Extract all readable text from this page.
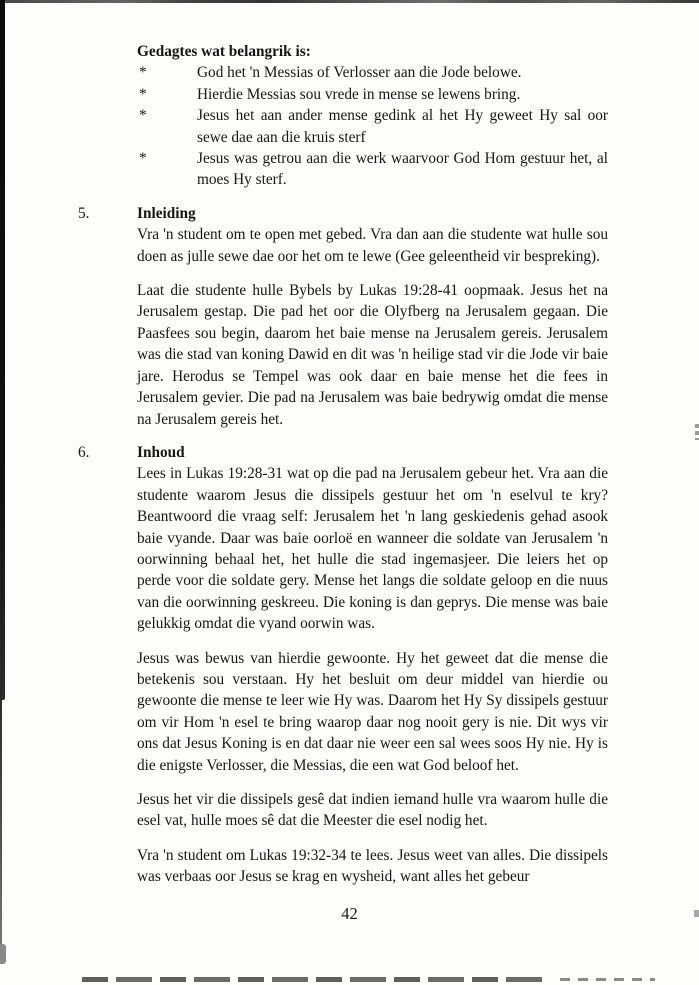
Gedagtes wat belangrik is:
*	God het 'n Messias of Verlosser aan die Jode belowe.
*	Hierdie Messias sou vrede in mense se lewens bring.
*	Jesus het aan ander mense gedink al het Hy geweet Hy sal oor sewe dae aan die kruis sterf
*	Jesus was getrou aan die werk waarvoor God Hom gestuur het, al moes Hy sterf.
5.	Inleiding
Vra 'n student om te open met gebed. Vra dan aan die studente wat hulle sou doen as julle sewe dae oor het om te lewe (Gee geleentheid vir bespreking).
Laat die studente hulle Bybels by Lukas 19:28-41 oopmaak. Jesus het na Jerusalem gestap. Die pad het oor die Olyfberg na Jerusalem gegaan. Die Paasfees sou begin, daarom het baie mense na Jerusalem gereis. Jerusalem was die stad van koning Dawid en dit was 'n heilige stad vir die Jode vir baie jare. Herodus se Tempel was ook daar en baie mense het die fees in Jerusalem gevier. Die pad na Jerusalem was baie bedrywig omdat die mense na Jerusalem gereis het.
6.	Inhoud
Lees in Lukas 19:28-31 wat op die pad na Jerusalem gebeur het. Vra aan die studente waarom Jesus die dissipels gestuur het om 'n eselvul te kry? Beantwoord die vraag self: Jerusalem het 'n lang geskiedenis gehad asook baie vyande. Daar was baie oorloë en wanneer die soldate van Jerusalem 'n oorwinning behaal het, het hulle die stad ingemasjeer. Die leiers het op perde voor die soldate gery. Mense het langs die soldate geloop en die nuus van die oorwinning geskreeu. Die koning is dan geprys. Die mense was baie gelukkig omdat die vyand oorwin was.
Jesus was bewus van hierdie gewoonte. Hy het geweet dat die mense die betekenis sou verstaan. Hy het besluit om deur middel van hierdie ou gewoonte die mense te leer wie Hy was. Daarom het Hy Sy dissipels gestuur om vir Hom 'n esel te bring waarop daar nog nooit gery is nie. Dit wys vir ons dat Jesus Koning is en dat daar nie weer een sal wees soos Hy nie. Hy is die enigste Verlosser, die Messias, die een wat God beloof het.
Jesus het vir die dissipels gesê dat indien iemand hulle vra waarom hulle die esel vat, hulle moes sê dat die Meester die esel nodig het.
Vra 'n student om Lukas 19:32-34 te lees. Jesus weet van alles. Die dissipels was verbaas oor Jesus se krag en wysheid, want alles het gebeur
42
